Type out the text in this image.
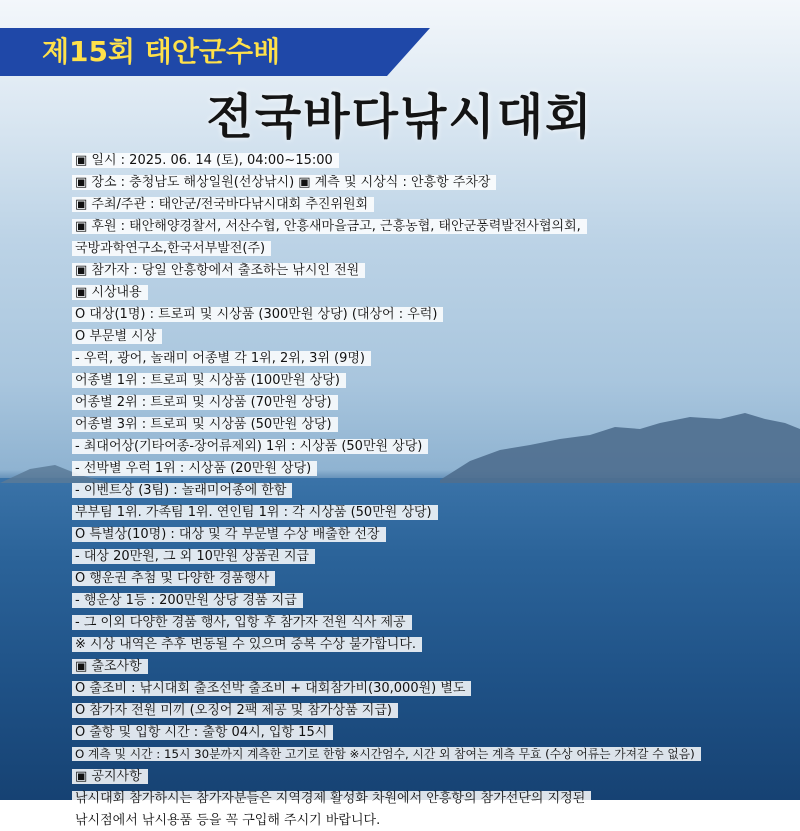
제15회 태안군수배
전국바다낚시대회
▣ 일시 : 2025. 06. 14 (토), 04:00~15:00
▣ 장소 : 충청남도 해상일원(선상낚시) ▣ 계측 및 시상식 : 안흥항 주차장
▣ 주최/주관 : 태안군/전국바다낚시대회 추진위원회
▣ 후원 : 태안해양경찰서, 서산수협, 안흥새마을금고, 근흥농협, 태안군풍력발전사협의회,
국방과학연구소,한국서부발전(주)
▣ 참가자 : 당일 안흥항에서 출조하는 낚시인 전원
▣ 시상내용
O 대상(1명) : 트로피 및 시상품 (300만원 상당) (대상어 : 우럭)
O 부문별 시상
- 우럭, 광어, 놀래미 어종별 각 1위, 2위, 3위 (9명)
어종별 1위 : 트로피 및 시상품 (100만원 상당)
어종별 2위 : 트로피 및 시상품 (70만원 상당)
어종별 3위 : 트로피 및 시상품 (50만원 상당)
- 최대어상(기타어종-장어류제외) 1위 : 시상품 (50만원 상당)
- 선박별 우럭 1위 : 시상품 (20만원 상당)
- 이벤트상 (3팀) : 놀래미어종에 한함
부부팀 1위. 가족팀 1위. 연인팀 1위 : 각 시상품 (50만원 상당)
O 특별상(10명) : 대상 및 각 부문별 수상 배출한 선장
- 대상 20만원, 그 외 10만원 상품권 지급
O 행운권 추첨 및 다양한 경품행사
- 행운상 1등 : 200만원 상당 경품 지급
- 그 이외 다양한 경품 행사, 입항 후 참가자 전원 식사 제공
※ 시상 내역은 추후 변동될 수 있으며 중복 수상 불가합니다.
▣ 출조사항
O 출조비 : 낚시대회 출조선박 출조비 + 대회참가비(30,000원) 별도
O 참가자 전원 미끼 (오징어 2팩 제공 및 참가상품 지급)
O 출항 및 입항 시간 : 출항 04시, 입항 15시
O 계측 및 시간 : 15시 30분까지 계측한 고기로 한함 ※시간엄수, 시간 외 참여는 계측 무효 (수상 어류는 가져갈 수 없음)
▣ 공지사항
낚시대회 참가하시는 참가자분들은 지역경제 활성화 차원에서 안흥항의 참가선단의 지정된
낚시점에서 낚시용품 등을 꼭 구입해 주시기 바랍니다.
